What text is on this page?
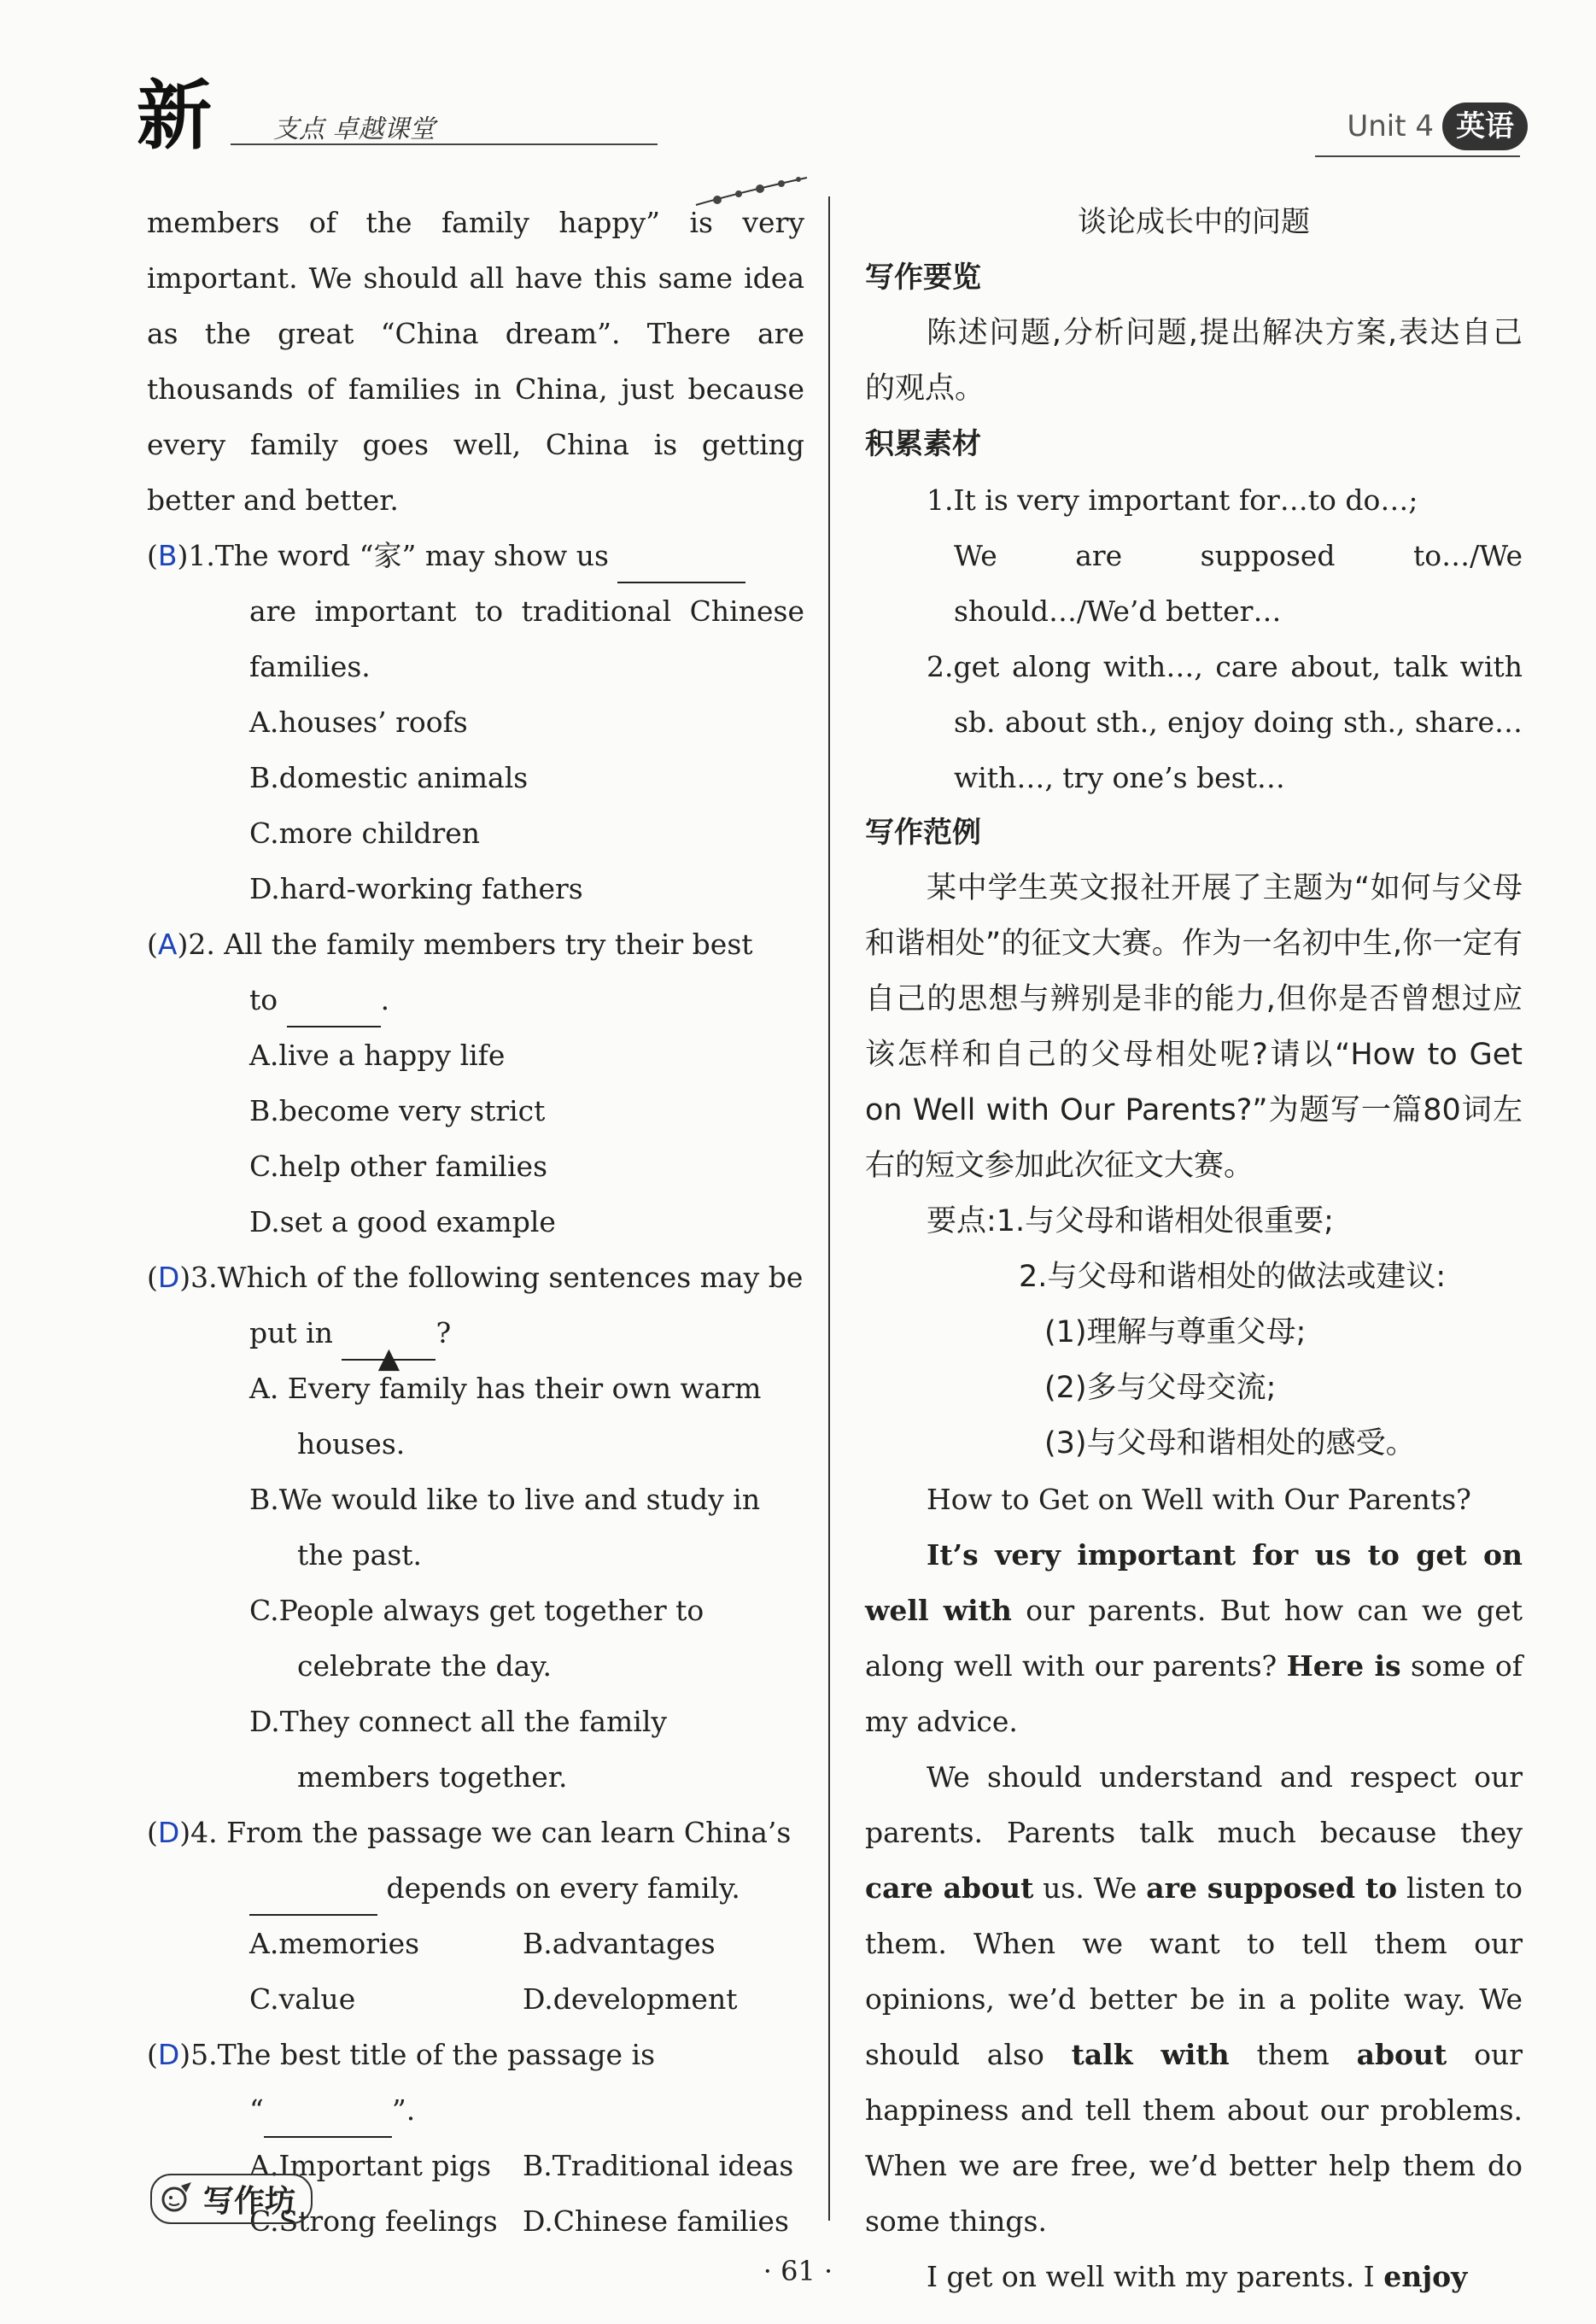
新 支点 卓越课堂	Unit 4 英语

members of the family happy” is very important. We should all have this same idea as the great “China dream”. There are thousands of families in China, just because every family goes well, China is getting better and better.

(B)1.The word “家” may show us
are important to traditional Chinese families.
A.houses’ roofs
B.domestic animals
C.more children
D.hard-working fathers
(A)2. All the family members try their best
to	.
A.live a happy life
B.become very strict
C.help other families
D.set a good example
(D)3.Which of the following sentences may be
put in ▲?
A. Every family has their own warm houses.
B.We would like to live and study in the past.
C.People always get together to celebrate the day.
D.They connect all the family members together.
(D)4. From the passage we can learn China’s
depends on every family.
A.memories	B.advantages
C.value	D.development
(D)5.The best title of the passage is
“	”.
A.Important pigs	B.Traditional ideas
C.Strong feelings D.Chinese families
写作坊
谈论成长中的问题
写作要览

陈述问题,分析问题,提出解决方案,表达自己的观点。

积累素材
1.It is very important for…to do…;
We are supposed to…/We should…/We’d better…
2.get along with…, care about, talk with sb. about sth., enjoy doing sth., share…with…, try one’s best…
写作范例

某中学生英文报社开展了主题为“如何与父母和谐相处”的征文大赛。作为一名初中生,你一定有自己的思想与辨别是非的能力,但你是否曾想过应该怎样和自己的父母相处呢?请以“How to Get on Well with Our Parents?”为题写一篇80词左右的短文参加此次征文大赛。

要点:1.与父母和谐相处很重要;
2.与父母和谐相处的做法或建议:
(1)理解与尊重父母;
(2)多与父母交流;
(3)与父母和谐相处的感受。
How to Get on Well with Our Parents?

It’s very important for us to get on well with our parents. But how can we get along well with our parents? Here is some of my advice.

We should understand and respect our parents. Parents talk much because they care about us. We are supposed to listen to them. When we want to tell them our opinions, we’d better be in a polite way. We should also talk with them about our happiness and tell them about our problems. When we are free, we’d better help them do some things.

I get on well with my parents. I enjoy

· 61 ·
